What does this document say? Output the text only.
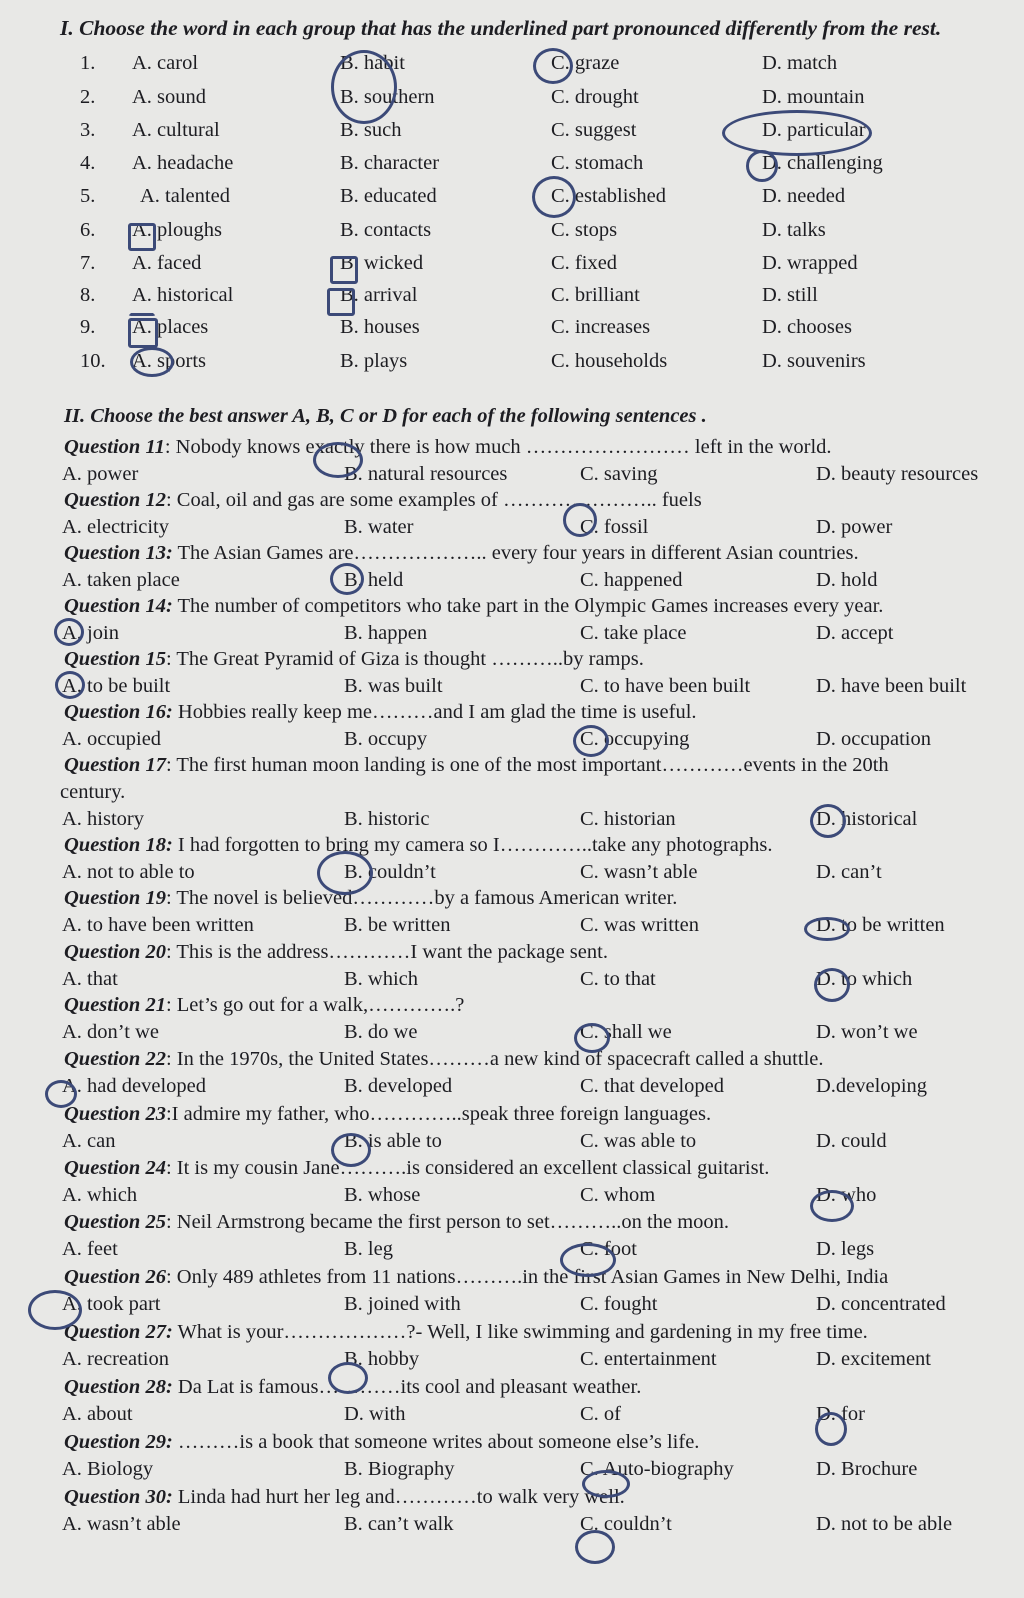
I. Choose the word in each group that has the underlined part pronounced differently from the rest.
1. A. carol	B. habit	C. graze	D. match
2. A. sound	B. southern	C. drought	D. mountain
3. A. cultural	B. such	C. suggest	D. particular
4. A. headache	B. character	C. stomach	D. challenging
5. A. talented	B. educated	C. established	D. needed
6. A. ploughs	B. contacts	C. stops	D. talks
7. A. faced	B. wicked	C. fixed	D. wrapped
8. A. historical	B. arrival	C. brilliant	D. still
9. A. places	B. houses	C. increases	D. chooses
10. A. sports	B. plays	C. households	D. souvenirs
II. Choose the best answer A, B, C or D for each of the following sentences .
Question 11: Nobody knows exactly there is how much …………………… left in the world.
A. power	B. natural resources	C. saving	D. beauty resources
Question 12: Coal, oil and gas are some examples of ………………….. fuels
A. electricity	B. water	C. fossil	D. power
Question 13: The Asian Games are……………….. every four years in different Asian countries.
A. taken place	B. held	C. happened	D. hold
Question 14: The number of competitors who take part in the Olympic Games increases every year.
A. join	B. happen	C. take place	D. accept
Question 15: The Great Pyramid of Giza is thought ………..by ramps.
A. to be built	B. was built	C. to have been built	D. have been built
Question 16: Hobbies really keep me………and I am glad the time is useful.
A. occupied	B. occupy	C. occupying	D. occupation
Question 17: The first human moon landing is one of the most important…………events in the 20th
century.
A. history	B. historic	C. historian	D. historical
Question 18: I had forgotten to bring my camera so I…………..take any photographs.
A. not to able to	B. couldn’t	C. wasn’t able	D. can’t
Question 19: The novel is believed…………by a famous American writer.
A. to have been written	B. be written	C. was written	D. to be written
Question 20: This is the address…………I want the package sent.
A. that	B. which	C. to that	D. to which
Question 21: Let’s go out for a walk,………….?
A. don’t we	B. do we	C. shall we	D. won’t we
Question 22: In the 1970s, the United States………a new kind of spacecraft called a shuttle.
A. had developed	B. developed	C. that developed	D.developing
Question 23:I admire my father, who…………..speak three foreign languages.
A. can	B. is able to	C. was able to	D. could
Question 24: It is my cousin Jane……….is considered an excellent classical guitarist.
A. which	B. whose	C. whom	D. who
Question 25: Neil Armstrong became the first person to set………..on the moon.
A. feet	B. leg	C. foot	D. legs
Question 26: Only 489 athletes from 11 nations……….in the first Asian Games in New Delhi, India
A. took part	B. joined with	C. fought	D. concentrated
Question 27: What is your………………?- Well, I like swimming and gardening in my free time.
A. recreation	B. hobby	C. entertainment	D. excitement
Question 28: Da Lat is famous…………its cool and pleasant weather.
A. about	D. with	C. of	D. for
Question 29: ………is a book that someone writes about someone else’s life.
A. Biology	B. Biography	C. Auto-biography	D. Brochure
Question 30: Linda had hurt her leg and…………to walk very well.
A. wasn’t able	B. can’t walk	C. couldn’t	D. not to be able
